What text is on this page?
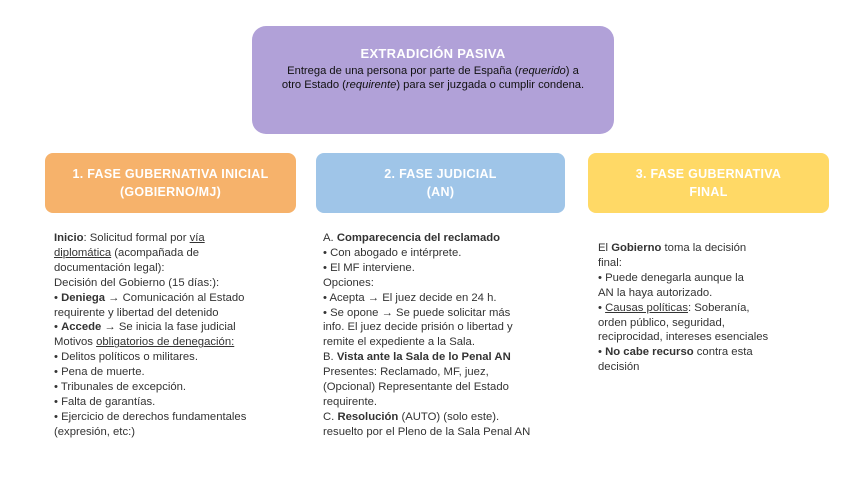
EXTRADICIÓN PASIVA
Entrega de una persona por parte de España (requerido) a otro Estado (requirente) para ser juzgada o cumplir condena.
1. FASE GUBERNATIVA INICIAL
(GOBIERNO/MJ)
2. FASE JUDICIAL
(AN)
3. FASE GUBERNATIVA
FINAL
Inicio: Solicitud formal por vía
diplomática (acompañada de
documentación legal):
Decisión del Gobierno (15 días:):
• Deniega → Comunicación al Estado
requirente y libertad del detenido
• Accede → Se inicia la fase judicial
Motivos obligatorios de denegación:
• Delitos políticos o militares.
• Pena de muerte.
• Tribunales de excepción.
• Falta de garantías.
• Ejercicio de derechos fundamentales
(expresión, etc:)
A. Comparecencia del reclamado
• Con abogado e intérprete.
• El MF interviene.
Opciones:
• Acepta → El juez decide en 24 h.
• Se opone → Se puede solicitar más
info. El juez decide prisión o libertad y
remite el expediente a la Sala.
B. Vista ante la Sala de lo Penal AN
Presentes: Reclamado, MF, juez,
(Opcional) Representante del Estado
requirente.
C. Resolución (AUTO) (solo este).
resuelto por el Pleno de la Sala Penal AN
El Gobierno toma la decisión
final:
• Puede denegarla aunque la
AN la haya autorizado.
• Causas políticas: Soberanía,
orden público, seguridad,
reciprocidad, intereses esenciales
• No cabe recurso contra esta
decisión
